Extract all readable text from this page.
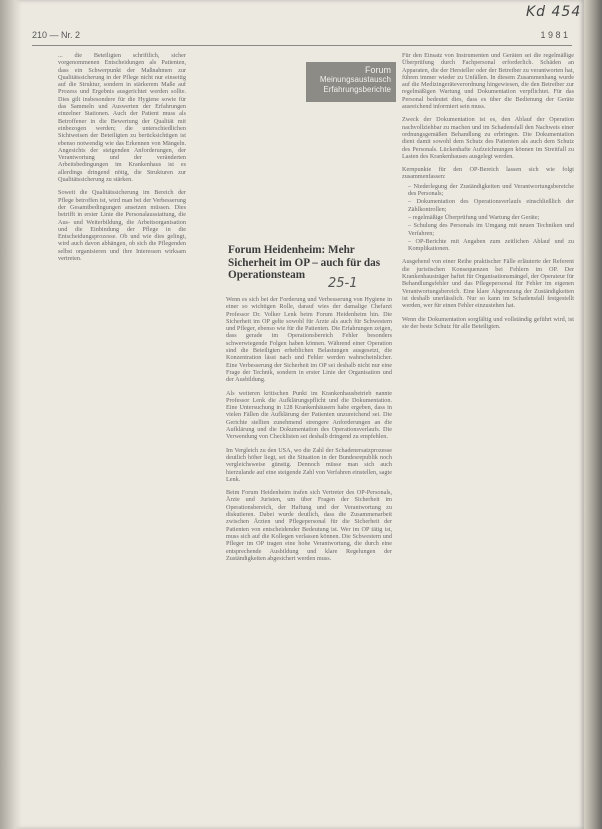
210 — Nr. 2	1 9 8 1
Kd 454

... die Beteiligten schriftlich, sicher vorgenommenen Entscheidungen als Patienten, dass ein Schwerpunkt der Maßnahmen zur Qualitätssicherung in der Pflege nicht nur einseitig auf die Struktur, sondern in stärkerem Maße auf Prozess und Ergebnis ausgerichtet werden sollte. Dies gilt insbesondere für die Hygiene sowie für das Sammeln und Auswerten der Erfahrungen einzelner Stationen. Auch der Patient muss als Betroffener in die Bewertung der Qualität mit einbezogen werden; die unterschiedlichen Sichtweisen der Beteiligten zu berücksichtigen ist ebenso notwendig wie das Erkennen von Mängeln. Angesichts der steigenden Anforderungen, der Verantwortung und der veränderten Arbeitsbedingungen im Krankenhaus ist es allerdings dringend nötig, die Strukturen zur Qualitätssicherung zu stärken.

Soweit die Qualitätssicherung im Bereich der Pflege betroffen ist, wird man bei der Verbesserung der Gesamtbedingungen ansetzen müssen. Dies betrifft in erster Linie die Personalausstattung, die Aus- und Weiterbildung, die Arbeitsorganisation und die Einbindung der Pflege in die Entscheidungsprozesse. Ob und wie dies gelingt, wird auch davon abhängen, ob sich die Pflegenden selbst organisieren und ihre Interessen wirksam vertreten.

Forum
Meinungsaustausch
Erfahrungsberichte
Forum Heidenheim: Mehr Sicherheit im OP – auch für das Operationsteam
25-1

Wenn es sich bei der Forderung und Verbesserung von Hygiene in einer so wichtigen Rolle, darauf wies der damalige Chefarzt Professor Dr. Volker Lenk beim Forum Heidenheim hin. Die Sicherheit im OP gelte sowohl für Arzte als auch für Schwestern und Pfleger, ebenso wie für die Patienten. Die Erfahrungen zeigen, dass gerade im Operationsbereich Fehler besonders schwerwiegende Folgen haben können. Während einer Operation sind die Beteiligten erheblichen Belastungen ausgesetzt, die Konzentration lässt nach und Fehler werden wahrscheinlicher. Eine Verbesserung der Sicherheit im OP sei deshalb nicht nur eine Frage der Technik, sondern in erster Linie der Organisation und der Ausbildung.

Als weiteren kritischen Punkt im Krankenhausbetrieb nannte Professor Lenk die Aufklärungspflicht und die Dokumentation. Eine Untersuchung in 128 Krankenhäusern habe ergeben, dass in vielen Fällen die Aufklärung der Patienten unzureichend sei. Die Gerichte stellten zunehmend strengere Anforderungen an die Aufklärung und die Dokumentation des Operationsverlaufs. Die Verwendung von Checklisten sei deshalb dringend zu empfehlen.

Im Vergleich zu den USA, wo die Zahl der Schadenersatzprozesse deutlich höher liegt, sei die Situation in der Bundesrepublik noch vergleichsweise günstig. Dennoch müsse man sich auch hierzulande auf eine steigende Zahl von Verfahren einstellen, sagte Lenk.

Beim Forum Heidenheim trafen sich Vertreter des OP-Personals, Ärzte und Juristen, um über Fragen der Sicherheit im Operationsbereich, der Haftung und der Verantwortung zu diskutieren. Dabei wurde deutlich, dass die Zusammenarbeit zwischen Ärzten und Pflegepersonal für die Sicherheit der Patienten von entscheidender Bedeutung ist. Wer im OP tätig ist, muss sich auf die Kollegen verlassen können. Die Schwestern und Pfleger im OP tragen eine hohe Verantwortung, die durch eine entsprechende Ausbildung und klare Regelungen der Zuständigkeiten abgesichert werden muss.

Für den Einsatz von Instrumenten und Geräten sei die regelmäßige Überprüfung durch Fachpersonal erforderlich. Schäden an Apparaten, die der Hersteller oder der Betreiber zu verantworten hat, führen immer wieder zu Unfällen. In diesem Zusammenhang wurde auf die Medizingeräteverordnung hingewiesen, die den Betreiber zur regelmäßigen Wartung und Dokumentation verpflichtet. Für das Personal bedeutet dies, dass es über die Bedienung der Geräte ausreichend informiert sein muss.

Zweck der Dokumentation ist es, den Ablauf der Operation nachvollziehbar zu machen und im Schadensfall den Nachweis einer ordnungsgemäßen Behandlung zu erbringen. Die Dokumentation dient damit sowohl dem Schutz des Patienten als auch dem Schutz des Personals. Lückenhafte Aufzeichnungen können im Streitfall zu Lasten des Krankenhauses ausgelegt werden.

Kernpunkte für den OP-Bereich lassen sich wie folgt zusammenfassen:

– Niederlegung der Zuständigkeiten und Verantwortungsbereiche des Personals;

– Dokumentation des Operationsverlaufs einschließlich der Zählkontrollen;

– regelmäßige Überprüfung und Wartung der Geräte;

– Schulung des Personals im Umgang mit neuen Techniken und Verfahren;

– OP-Berichte mit Angaben zum zeitlichen Ablauf und zu Komplikationen.

Ausgehend von einer Reihe praktischer Fälle erläuterte der Referent die juristischen Konsequenzen bei Fehlern im OP. Der Krankenhausträger haftet für Organisationsmängel, der Operateur für Behandlungsfehler und das Pflegepersonal für Fehler im eigenen Verantwortungsbereich. Eine klare Abgrenzung der Zuständigkeiten ist deshalb unerlässlich. Nur so kann im Schadensfall festgestellt werden, wer für einen Fehler einzustehen hat.

Wenn die Dokumentation sorgfältig und vollständig geführt wird, ist sie der beste Schutz für alle Beteiligten.
